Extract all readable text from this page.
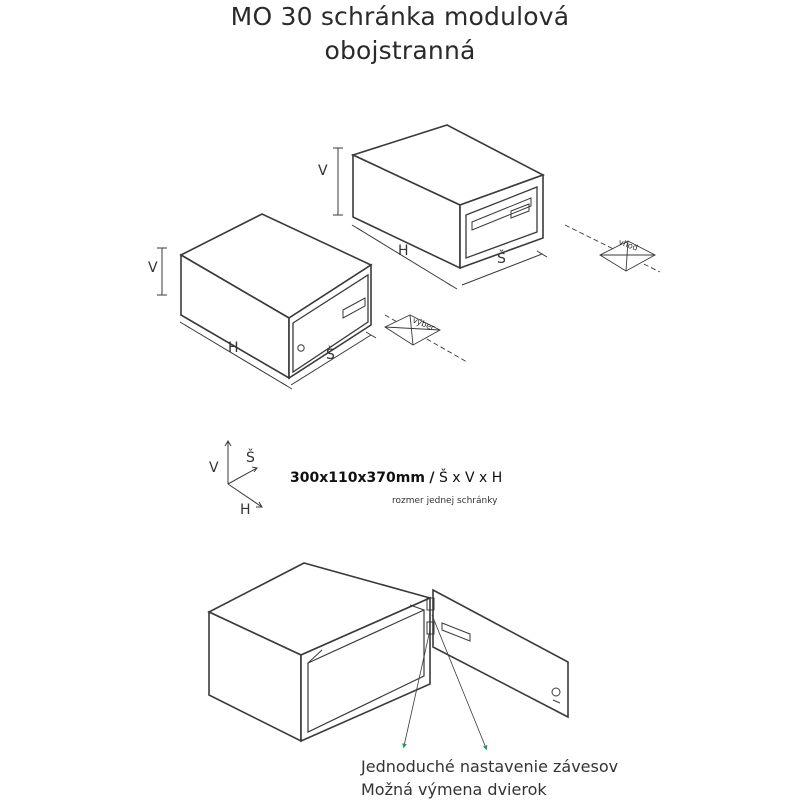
MO 30 schránka modulová
obojstranná
V
H	Š
vhod
V
H	Š
výber
V
Š
H
300x110x370mm / Š x V x H
rozmer jednej schránky
Jednoduché nastavenie závesov
Možná výmena dvierok
